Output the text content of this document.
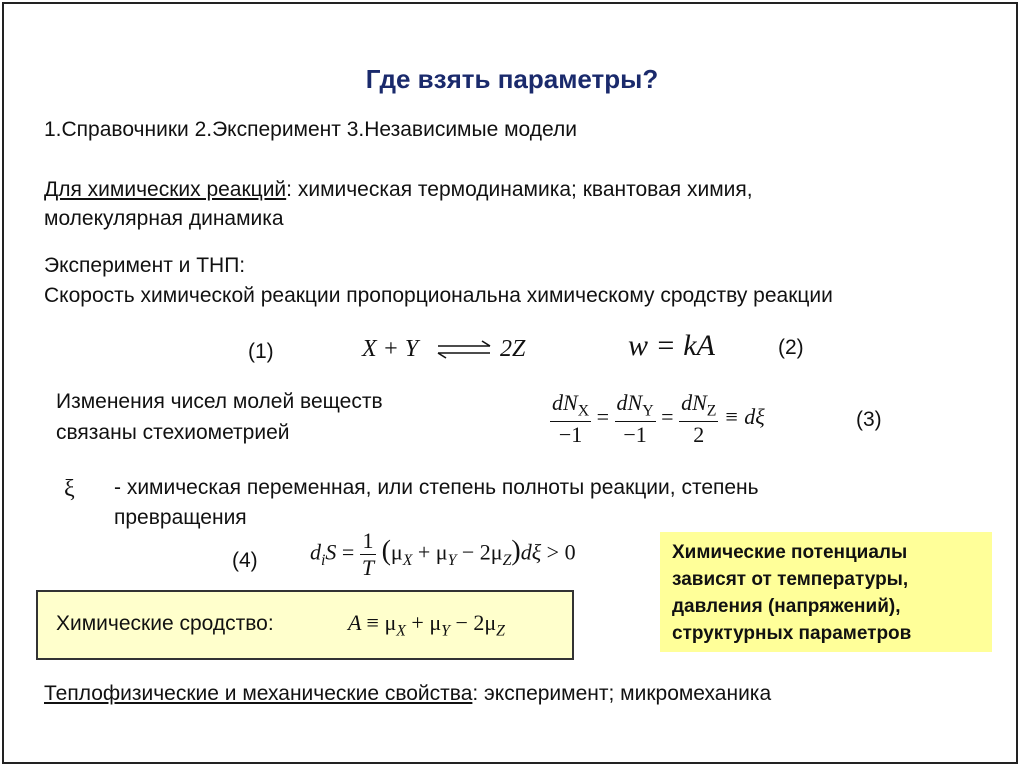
Где взять параметры?
1.Справочники 2.Эксперимент 3.Независимые модели
Для химических реакций: химическая термодинамика; квантовая химия,
молекулярная динамика
Эксперимент и ТНП:
Скорость химической реакции пропорциональна химическому сродству реакции
(1)	X + Y ⇌ 2Z	w = kA	(2)
Изменения чисел молей веществ
связаны стехиометрией	$\frac{dN_X}{-1} = \frac{dN_Y}{-1} = \frac{dN_Z}{2} \equiv d\xi$	(3)
ξ - химическая переменная, или степень полноты реакции, степень
превращения
(4) $d_iS = \frac{1}{T} (\mu_X + \mu_Y - 2\mu_Z)d\xi > 0$
Химические сродство:	$A \equiv \mu_X + \mu_Y - 2\mu_Z$
Химические потенциалы
зависят от температуры,
давления (напряжений),
структурных параметров
Теплофизические и механические свойства: эксперимент; микромеханика
